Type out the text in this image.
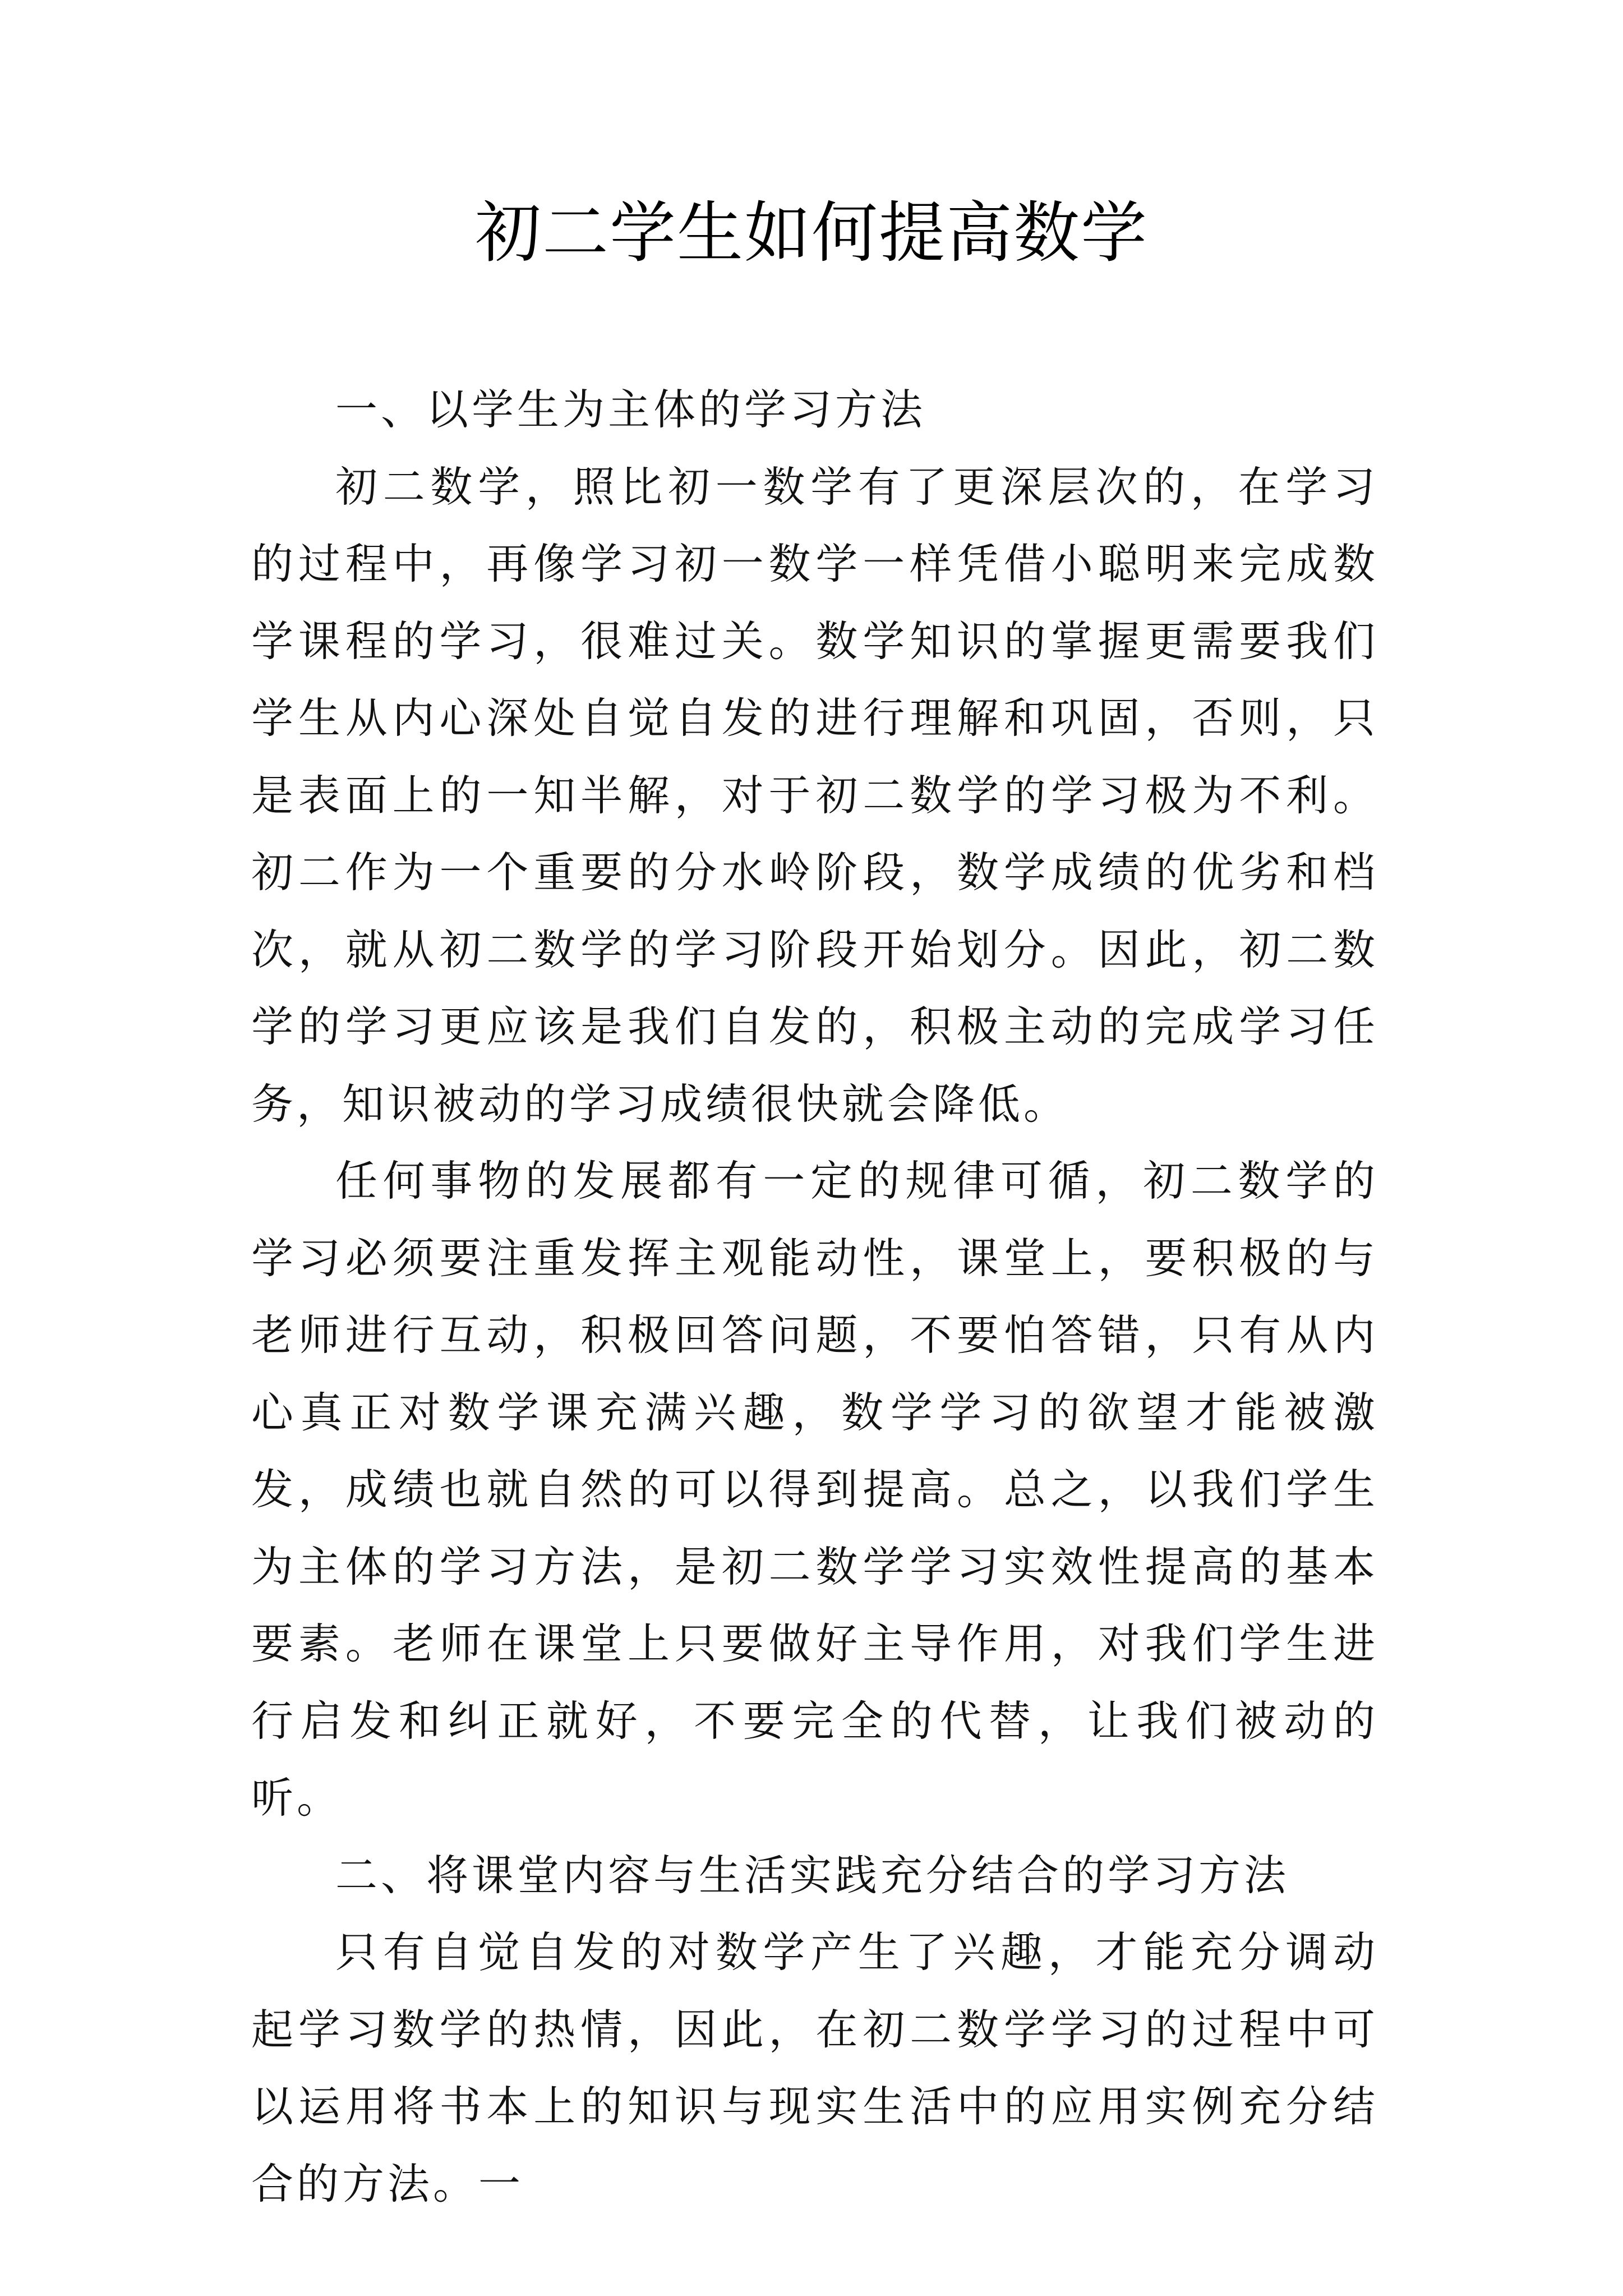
初二学生如何提高数学

一、以学生为主体的学习方法

初二数学，照比初一数学有了更深层次的，在学习的过程中，再像学习初一数学一样凭借小聪明来完成数学课程的学习，很难过关。数学知识的掌握更需要我们学生从内心深处自觉自发的进行理解和巩固，否则，只是表面上的一知半解，对于初二数学的学习极为不利。初二作为一个重要的分水岭阶段，数学成绩的优劣和档次，就从初二数学的学习阶段开始划分。因此，初二数学的学习更应该是我们自发的，积极主动的完成学习任务，知识被动的学习成绩很快就会降低。

任何事物的发展都有一定的规律可循，初二数学的学习必须要注重发挥主观能动性，课堂上，要积极的与老师进行互动，积极回答问题，不要怕答错，只有从内心真正对数学课充满兴趣，数学学习的欲望才能被激发，成绩也就自然的可以得到提高。总之，以我们学生为主体的学习方法，是初二数学学习实效性提高的基本要素。老师在课堂上只要做好主导作用，对我们学生进行启发和纠正就好，不要完全的代替，让我们被动的听。

二、将课堂内容与生活实践充分结合的学习方法

只有自觉自发的对数学产生了兴趣，才能充分调动起学习数学的热情，因此，在初二数学学习的过程中可以运用将书本上的知识与现实生活中的应用实例充分结合的方法。一
